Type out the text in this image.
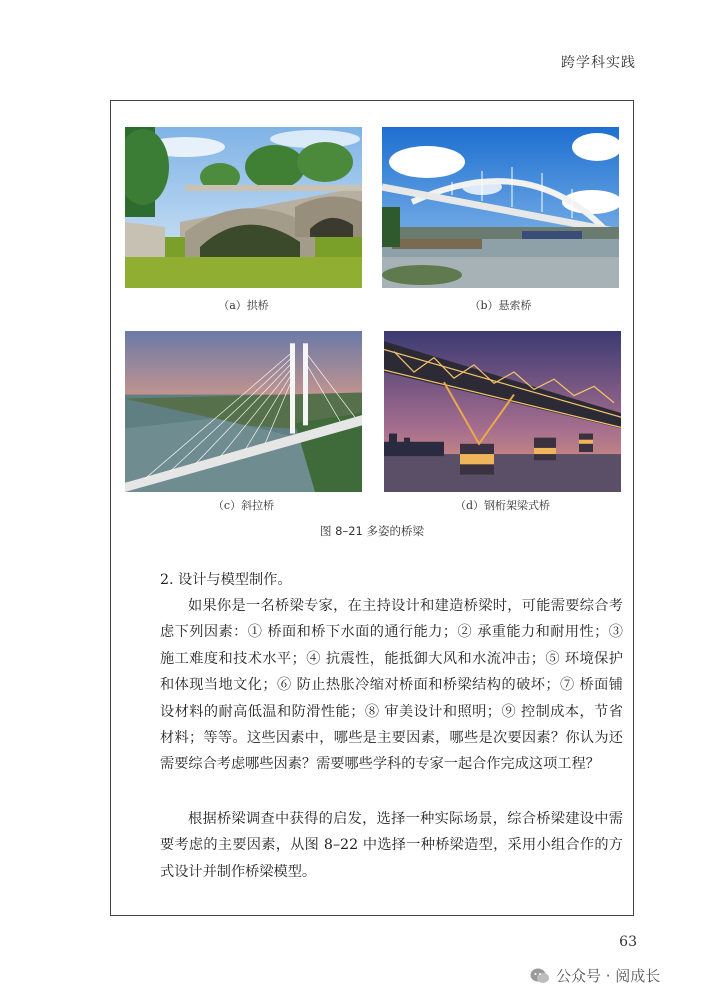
跨学科实践
（a）拱桥	（b）悬索桥
（c）斜拉桥	（d）钢桁架梁式桥
图 8–21 多姿的桥梁
2. 设计与模型制作。
如果你是一名桥梁专家，在主持设计和建造桥梁时，可能需要综合考虑下列因素：① 桥面和桥下水面的通行能力；② 承重能力和耐用性；③ 施工难度和技术水平；④ 抗震性，能抵御大风和水流冲击；⑤ 环境保护和体现当地文化；⑥ 防止热胀冷缩对桥面和桥梁结构的破坏；⑦ 桥面铺设材料的耐高低温和防滑性能；⑧ 审美设计和照明；⑨ 控制成本，节省材料；等等。这些因素中，哪些是主要因素，哪些是次要因素？你认为还需要综合考虑哪些因素？需要哪些学科的专家一起合作完成这项工程？
根据桥梁调查中获得的启发，选择一种实际场景，综合桥梁建设中需要考虑的主要因素，从图 8–22 中选择一种桥梁造型，采用小组合作的方式设计并制作桥梁模型。
63
公众号 · 阅成长
